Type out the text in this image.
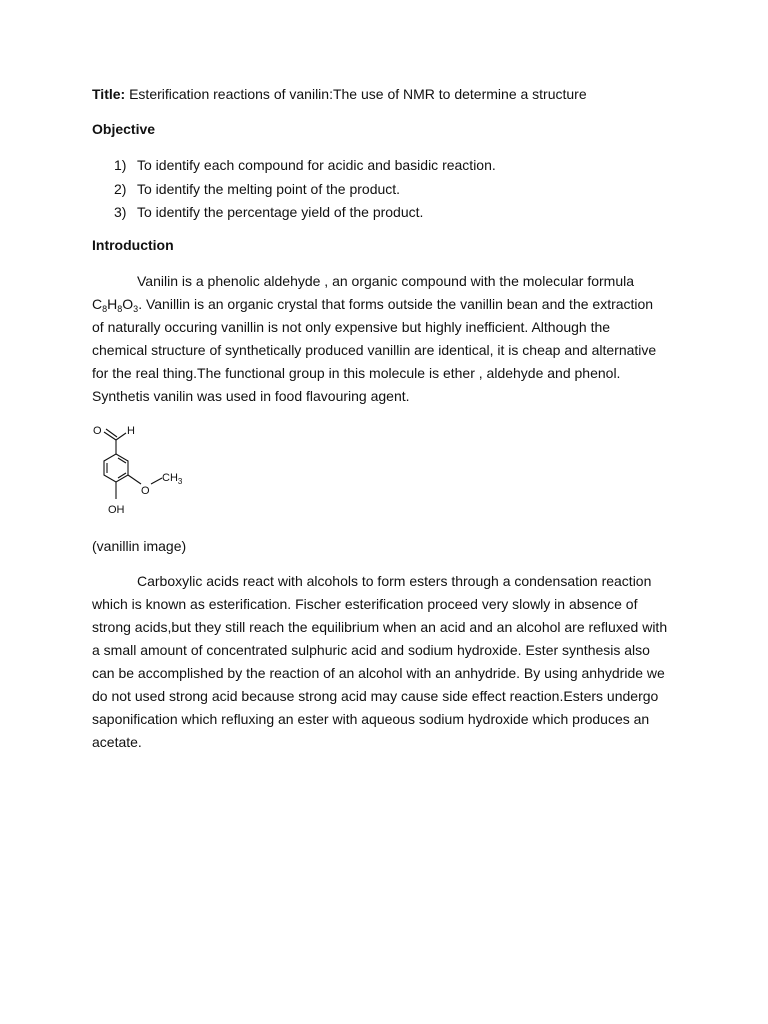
Title: Esterification reactions of vanilin:The use of NMR to determine a structure
Objective
1) To identify each compound for acidic and basidic reaction.
2) To identify the melting point of the product.
3) To identify the percentage yield of the product.
Introduction
Vanilin is a phenolic aldehyde , an organic compound with the molecular formula
$C_8H_8O_3$. Vanillin is an organic crystal that forms outside the vanillin bean and the extraction
of naturally occuring vanillin is not only expensive but highly inefficient. Although the
chemical structure of synthetically produced vanillin are identical, it is cheap and alternative
for the real thing.The functional group in this molecule is ether , aldehyde and phenol.
Synthetis vanilin was used in food flavouring agent.
O H
O
$CH_3$
OH
(vanillin image)
Carboxylic acids react with alcohols to form esters through a condensation reaction
which is known as esterification. Fischer esterification proceed very slowly in absence of
strong acids,but they still reach the equilibrium when an acid and an alcohol are refluxed with
a small amount of concentrated sulphuric acid and sodium hydroxide. Ester synthesis also
can be accomplished by the reaction of an alcohol with an anhydride. By using anhydride we
do not used strong acid because strong acid may cause side effect reaction.Esters undergo
saponification which refluxing an ester with aqueous sodium hydroxide which produces an
acetate.
